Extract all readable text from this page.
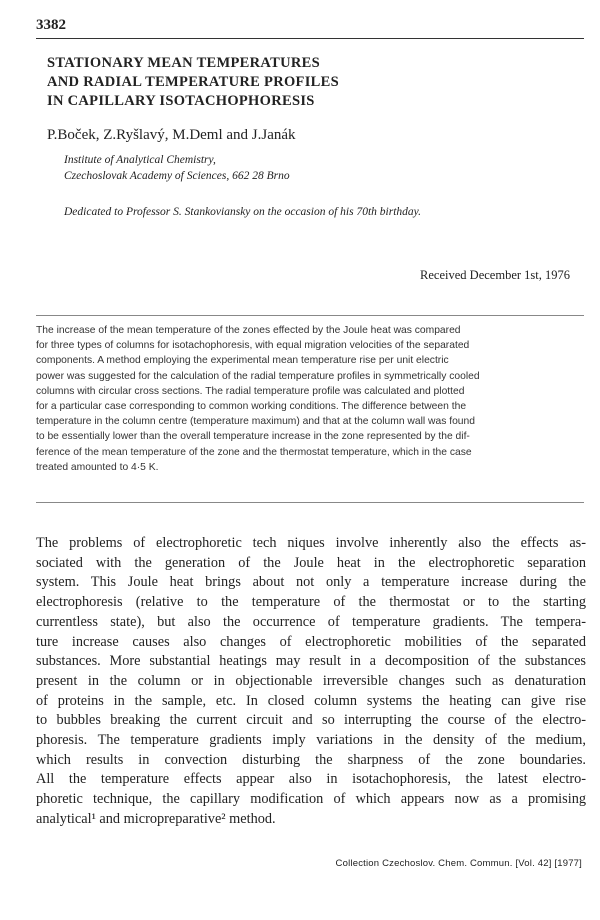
3382
STATIONARY MEAN TEMPERATURES
AND RADIAL TEMPERATURE PROFILES
IN CAPILLARY ISOTACHOPHORESIS
P.Boček, Z.Ryšlavý, M.Deml and J.Janák
Institute of Analytical Chemistry,
Czechoslovak Academy of Sciences, 662 28 Brno
Dedicated to Professor S. Stankoviansky on the occasion of his 70th birthday.
Received December 1st, 1976
The increase of the mean temperature of the zones effected by the Joule heat was compared
for three types of columns for isotachophoresis, with equal migration velocities of the separated
components. A method employing the experimental mean temperature rise per unit electric
power was suggested for the calculation of the radial temperature profiles in symmetrically cooled
columns with circular cross sections. The radial temperature profile was calculated and plotted
for a particular case corresponding to common working conditions. The difference between the
temperature in the column centre (temperature maximum) and that at the column wall was found
to be essentially lower than the overall temperature increase in the zone represented by the dif-
ference of the mean temperature of the zone and the thermostat temperature, which in the case
treated amounted to 4·5 K.
The problems of electrophoretic tech niques involve inherently also the effects as-
sociated with the generation of the Joule heat in the electrophoretic separation
system. This Joule heat brings about not only a temperature increase during the
electrophoresis (relative to the temperature of the thermostat or to the starting
currentless state), but also the occurrence of temperature gradients. The tempera-
ture increase causes also changes of electrophoretic mobilities of the separated
substances. More substantial heatings may result in a decomposition of the substances
present in the column or in objectionable irreversible changes such as denaturation
of proteins in the sample, etc. In closed column systems the heating can give rise
to bubbles breaking the current circuit and so interrupting the course of the electro-
phoresis. The temperature gradients imply variations in the density of the medium,
which results in convection disturbing the sharpness of the zone boundaries.
All the temperature effects appear also in isotachophoresis, the latest electro-
phoretic technique, the capillary modification of which appears now as a promising
analytical¹ and micropreparative² method.
Collection Czechoslov. Chem. Commun. [Vol. 42] [1977]
